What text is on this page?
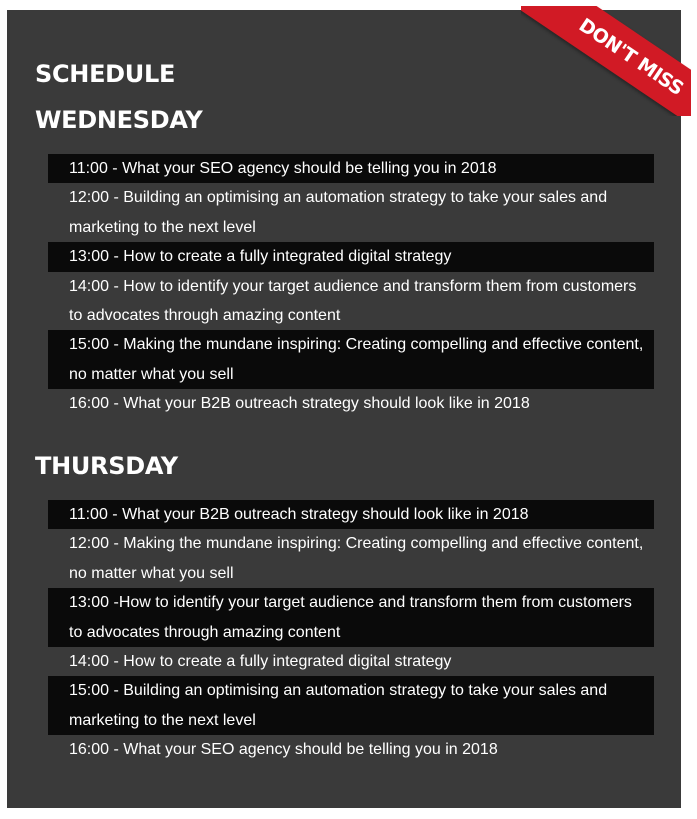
SCHEDULE
WEDNESDAY
11:00 - What your SEO agency should be telling you in 2018
12:00 - Building an optimising an automation strategy to take your sales and marketing to the next level
13:00 - How to create a fully integrated digital strategy
14:00 - How to identify your target audience and transform them from customers to advocates through amazing content
15:00 - Making the mundane inspiring: Creating compelling and effective content, no matter what you sell
16:00 - What your B2B outreach strategy should look like in 2018
THURSDAY
11:00 - What your B2B outreach strategy should look like in 2018
12:00 - Making the mundane inspiring: Creating compelling and effective content, no matter what you sell
13:00 -How to identify your target audience and transform them from customers to advocates through amazing content
14:00 - How to create a fully integrated digital strategy
15:00 - Building an optimising an automation strategy to take your sales and marketing to the next level
16:00 - What your SEO agency should be telling you in 2018
DON'T MISS
